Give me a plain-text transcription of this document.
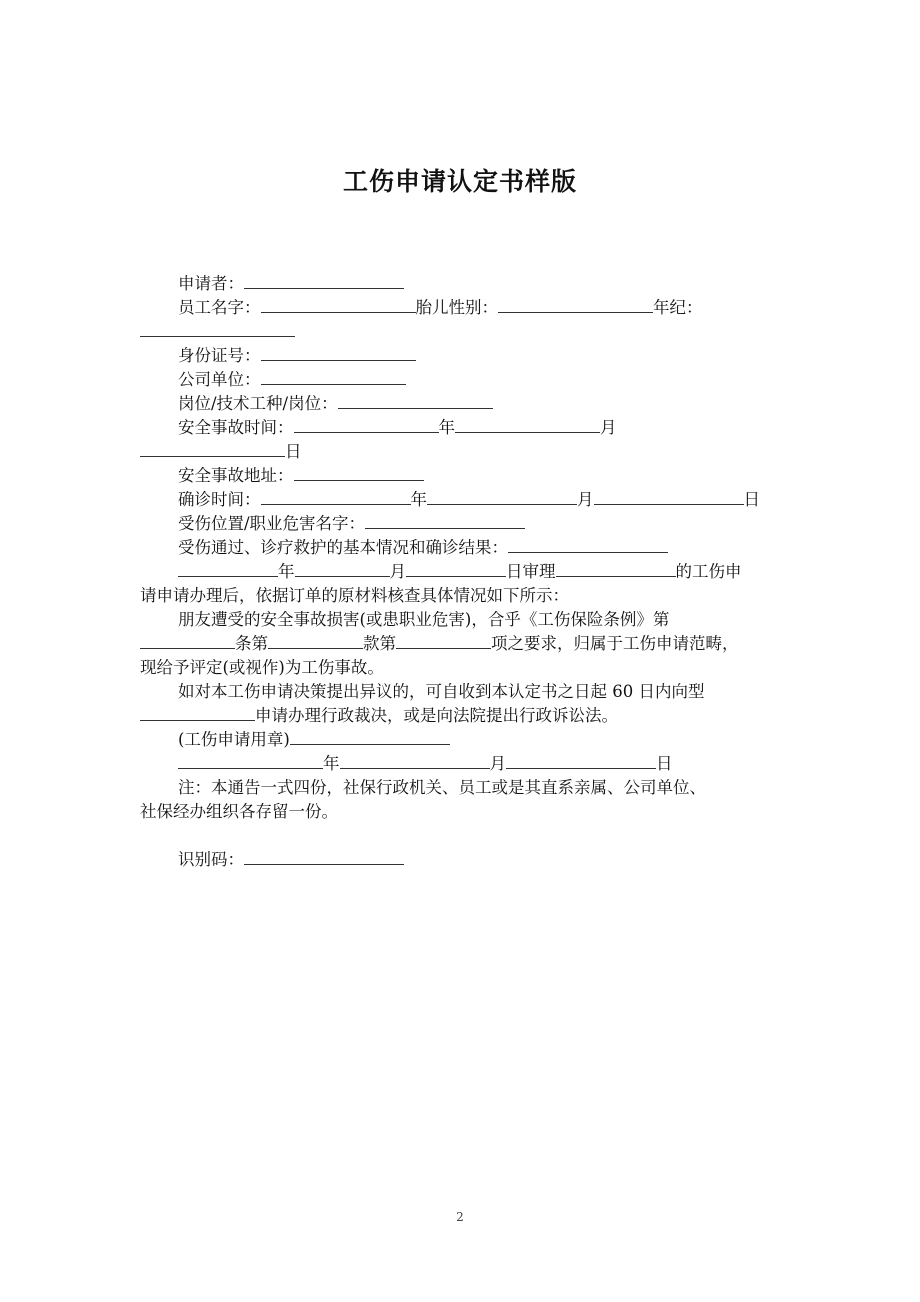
工伤申请认定书样版
申请者：
员工名字：	胎儿性别：	年纪：
身份证号：
公司单位：
岗位/技术工种/岗位：
安全事故时间：	年	月
日
安全事故地址：
确诊时间：	年	月	日
受伤位置/职业危害名字：
受伤通过、诊疗救护的基本情况和确诊结果：
年	月	日审理	的工伤申
请申请办理后，依据订单的原材料核查具体情况如下所示：
朋友遭受的安全事故损害(或患职业危害)，合乎《工伤保险条例》第
条第	款第	项之要求，归属于工伤申请范畴，
现给予评定(或视作)为工伤事故。
如对本工伤申请决策提出异议的，可自收到本认定书之日起 60 日内向型
申请办理行政裁决，或是向法院提出行政诉讼法。
(工伤申请用章)
年	月	日
注：本通告一式四份，社保行政机关、员工或是其直系亲属、公司单位、
社保经办组织各存留一份。
识别码：
2
